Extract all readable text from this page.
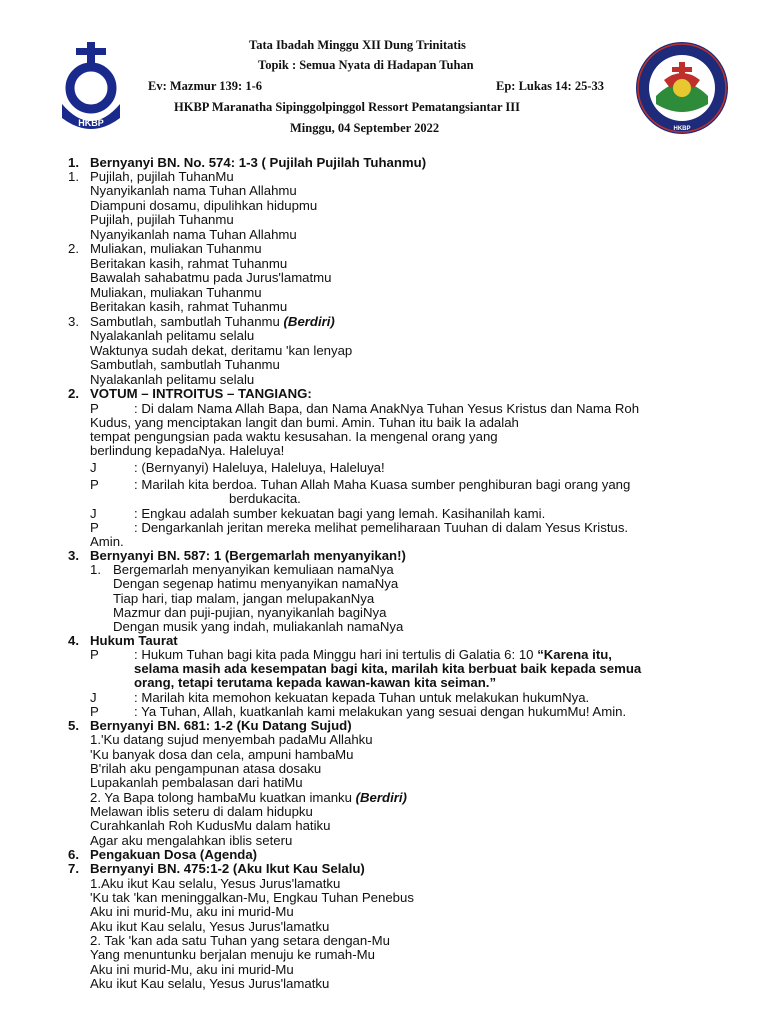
HKBP
Tata Ibadah Minggu XII Dung Trinitatis
Topik : Semua Nyata di Hadapan Tuhan
Ev: Mazmur 139: 1-6	Ep: Lukas 14: 25-33
HKBP Maranatha Sipinggolpinggol Ressort Pematangsiantar III
Minggu, 04 September 2022	HKBP
1. Bernyanyi BN. No. 574: 1-3 ( Pujilah Pujilah Tuhanmu)
1. Pujilah, pujilah TuhanMu
Nyanyikanlah nama Tuhan Allahmu
Diampuni dosamu, dipulihkan hidupmu
Pujilah, pujilah Tuhanmu
Nyanyikanlah nama Tuhan Allahmu
2. Muliakan, muliakan Tuhanmu
Beritakan kasih, rahmat Tuhanmu
Bawalah sahabatmu pada Jurus'lamatmu
Muliakan, muliakan Tuhanmu
Beritakan kasih, rahmat Tuhanmu
3. Sambutlah, sambutlah Tuhanmu (Berdiri)
Nyalakanlah pelitamu selalu
Waktunya sudah dekat, deritamu 'kan lenyap
Sambutlah, sambutlah Tuhanmu
Nyalakanlah pelitamu selalu
2. VOTUM – INTROITUS – TANGIANG:
P	: Di dalam Nama Allah Bapa, dan Nama AnakNya Tuhan Yesus Kristus dan Nama Roh
Kudus, yang menciptakan langit dan bumi. Amin. Tuhan itu baik Ia adalah
tempat pengungsian pada waktu kesusahan. Ia mengenal orang yang
berlindung kepadaNya. Haleluya!
J	: (Bernyanyi) Haleluya, Haleluya, Haleluya!
P	: Marilah kita berdoa. Tuhan Allah Maha Kuasa sumber penghiburan bagi orang yang
berdukacita.
J	: Engkau adalah sumber kekuatan bagi yang lemah. Kasihanilah kami.
P	: Dengarkanlah jeritan mereka melihat pemeliharaan Tuuhan di dalam Yesus Kristus.
Amin.
3. Bernyanyi BN. 587: 1 (Bergemarlah menyanyikan!)
1. Bergemarlah menyanyikan kemuliaan namaNya
Dengan segenap hatimu menyanyikan namaNya
Tiap hari, tiap malam, jangan melupakanNya
Mazmur dan puji-pujian, nyanyikanlah bagiNya
Dengan musik yang indah, muliakanlah namaNya
4. Hukum Taurat
P	: Hukum Tuhan bagi kita pada Minggu hari ini tertulis di Galatia 6: 10 “Karena itu,
selama masih ada kesempatan bagi kita, marilah kita berbuat baik kepada semua
orang, tetapi terutama kepada kawan-kawan kita seiman.”
J	: Marilah kita memohon kekuatan kepada Tuhan untuk melakukan hukumNya.
P	: Ya Tuhan, Allah, kuatkanlah kami melakukan yang sesuai dengan hukumMu! Amin.
5. Bernyanyi BN. 681: 1-2 (Ku Datang Sujud)
1.'Ku datang sujud menyembah padaMu Allahku
'Ku banyak dosa dan cela, ampuni hambaMu
B'rilah aku pengampunan atasa dosaku
Lupakanlah pembalasan dari hatiMu
2. Ya Bapa tolong hambaMu kuatkan imanku (Berdiri)
Melawan iblis seteru di dalam hidupku
Curahkanlah Roh KudusMu dalam hatiku
Agar aku mengalahkan iblis seteru
6. Pengakuan Dosa (Agenda)
7. Bernyanyi BN. 475:1-2 (Aku Ikut Kau Selalu)
1.Aku ikut Kau selalu, Yesus Jurus'lamatku
'Ku tak 'kan meninggalkan-Mu, Engkau Tuhan Penebus
Aku ini murid-Mu, aku ini murid-Mu
Aku ikut Kau selalu, Yesus Jurus'lamatku
2. Tak 'kan ada satu Tuhan yang setara dengan-Mu
Yang menuntunku berjalan menuju ke rumah-Mu
Aku ini murid-Mu, aku ini murid-Mu
Aku ikut Kau selalu, Yesus Jurus'lamatku
